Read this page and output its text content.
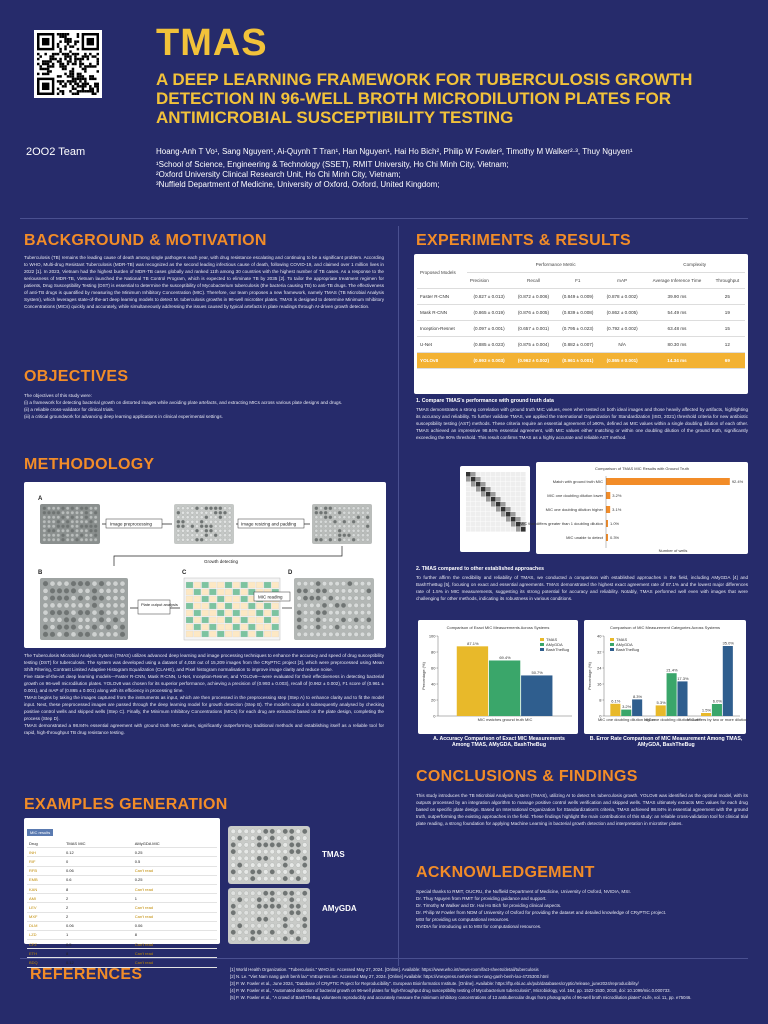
TMAS
A DEEP LEARNING FRAMEWORK FOR TUBERCULOSIS GROWTH DETECTION IN 96-WELL BROTH MICRODILUTION PLATES FOR ANTIMICROBIAL SUSCEPTIBILITY TESTING
2OO2 Team	Hoang-Anh T Vo¹, Sang Nguyen¹, Ai-Quynh T Tran¹, Han Nguyen¹, Hai Ho Bich², Philip W Fowler³, Timothy M Walker²·³, Thuy Nguyen¹
¹School of Science, Engineering & Technology (SSET), RMIT University, Ho Chi Minh City, Vietnam;
²Oxford University Clinical Research Unit, Ho Chi Minh City, Vietnam;
³Nuffield Department of Medicine, University of Oxford, Oxford, United Kingdom;
BACKGROUND & MOTIVATION
Tuberculosis (TB) remains the leading cause of death among single pathogens each year, with drug resistance escalating and continuing to be a significant problem. According to WHO, Multi-drug Resistant Tuberculosis (MDR-TB) was recognized as the second leading infectious cause of death, following COVID-19, and claimed over 1 million lives in 2022 [1]. In 2023, Vietnam had the highest burden of MDR-TB cases globally and ranked 11th among 30 countries with the highest number of TB cases. As a response to the seriousness of MDR-TB, Vietnam launched the National TB Control Program, which is expected to eliminate TB by 2035 [2]. To tailor the appropriate treatment regimen for patients, Drug Susceptibility Testing (DST) is essential to determine the susceptibility of Mycobacterium tuberculosis (the bacteria causing TB) to anti-TB drugs. The effectiveness of anti-TB drugs is quantified by measuring the Minimum Inhibitory Concentration (MIC). Therefore, our team proposes a new framework, namely TMAS (TB Microbial Analysis System), which leverages state-of-the-art deep learning models to detect M. tuberculosis growths in 96-well microtiter plates. TMAS is designed to determine Minimum Inhibitory Concentrations (MICs) quickly and accurately, while simultaneously addressing the issues caused by typical artefacts in plate readings through AI-driven growth detection.
OBJECTIVES
The objectives of this study were:
(i) a framework for detecting bacterial growth on distorted images while avoiding plate artefacts, and extracting MICs across various plate designs and drugs.
(ii) a reliable cross-validator for clinical trials.
(iii) a critical groundwork for advancing deep learning applications in clinical experimental settings.
METHODOLOGY
A
B	C	D
Image preprocessing	Image resizing and padding
Growth detecting
Plate output analysis
MIC reading
The Tuberculosis Microbial Analysis System (TMAS) utilizes advanced deep learning and image processing techniques to enhance the accuracy and speed of drug susceptibility testing (DST) for tuberculosis. The system was developed using a dataset of 4,018 out of 15,209 images from the CRyPTIC project [3], which were preprocessed using Mean Shift Filtering, Contrast Limited Adaptive Histogram Equalization (CLAHE), and Pixel histogram normalisation to improve image clarity and reduce noise.
Five state-of-the-art deep learning models—Faster R-CNN, Mask R-CNN, U-Net, Inception-Resnet, and YOLOv8—were evaluated for their effectiveness in detecting bacterial growth on 96-well microdilution plates. YOLOv8 was chosen for its superior performance, achieving a precision of (0.993 ± 0.003), recall of (0.962 ± 0.002), F1 score of (0.961 ± 0.001), and mAP of (0.865 ± 0.001) along with its efficiency in processing time.
TMAS begins by taking the images captured from the instruments as input, which are then processed in the preprocessing step (Step A) to enhance clarity and to fit the model input. Next, these preprocessed images are passed through the deep learning model for growth detection (Step B). The model's output is subsequently analysed by checking positive control wells and skipped wells (Step C). Finally, the Minimum Inhibitory Concentrations (MICs) for each drug are extracted based on the plate design, completing the process (Step D).
TMAS demonstrated a 98.84% essential agreement with ground truth MIC values, significantly outperforming traditional methods and establishing itself as a reliable tool for rapid, high-throughput TB drug resistance testing.
EXAMPLES GENERATION
MIC results
Drug	TMAS MIC	AMyGDA MIC
INH	0.12	0.25
RIF	0	0.5
RFB	0.06	Can't read
EMB	0.6	0.25
KAN	8	Can't read
AMI	2	1
LEV	2	Can't read
MXF	2	Can't read
DLM	0.06	0.06
LZD	1	8
CFZ	0.5	Can't read
ETH	8	Can't read
BDQ	0.12	Can't read
TMAS
AMyGDA
REFERENCES	[1] World Health Organization. "Tuberculosis." WHO.int. Accessed May 27, 2024. [Online]. Available: https://www.who.int/news-room/fact-sheets/detail/tuberculosis
[2] N. Le. "Viet Nam nang ganh benh lao" VnExpress.net. Accessed May 27, 2024. [Online] Available: https://vnexpress.net/viet-nam-nang-ganh-benh-lao-4725300.html
[3] P. W. Fowler et al., June 2024, "Database of CRyPTIC Project for Reproducibility". European Bioinformatics Institute. [Online]. Available: https://ftp.ebi.ac.uk/pub/databases/cryptic/release_june2024/reproducibility/
[4] P. W. Fowler et al., "Automated detection of bacterial growth on 96-well plates for high-throughput drug susceptibility testing of Mycobacterium tuberculosis", Microbiology, vol. 164, pp. 1522-1530, 2018, doi: 10.1099/mic.0.000733.
[5] P. W. Fowler et al., "A crowd of BashTheBug volunteers reproducibly and accurately measure the minimum inhibitory concentrations of 13 antitubercular drugs from photographs of 96-well broth microdilution plates" eLife, vol. 11, pp. e75046.
EXPERIMENTS & RESULTS
Proposed Models	Performance Metric				Complexity	
	Precision	Recall	F1	mAP	Average Inference Time	Throughput
Faster R-CNN	(0.827 ± 0.013)	(0.872 ± 0.006)	(0.849 ± 0.009)	(0.878 ± 0.002)	39.90 ms	25
Mask R-CNN	(0.865 ± 0.019)	(0.876 ± 0.005)	(0.839 ± 0.008)	(0.862 ± 0.005)	54.49 ms	19
Inception-Resnet	(0.097 ± 0.001)	(0.657 ± 0.001)	(0.795 ± 0.023)	(0.792 ± 0.002)	63.48 ms	15
U-Net	(0.885 ± 0.023)	(0.875 ± 0.004)	(0.882 ± 0.007)	N/A	80.30 ms	12
YOLOv8	(0.993 ± 0.003)	(0.962 ± 0.002)	(0.961 ± 0.001)	(0.865 ± 0.001)	14.34 ms	69
1. Compare TMAS's performance with ground truth data
TMAS demonstrates a strong correlation with ground truth MIC values, even when tested on both ideal images and those heavily affected by artifacts, highlighting its accuracy and reliability. To further validate TMAS, we applied the International Organization for Standardization (ISO, 2021) threshold criteria for new antibiotic susceptibility testing (AST) methods. These criteria require an essential agreement of ≥90%, defined as MIC values within a single doubling dilution of each other. TMAS achieved an impressive 98.84% essential agreement, with MIC values either matching or within one doubling dilution of the ground truth, significantly exceeding the 90% threshold. This result confirms TMAS as a highly accurate and reliable AST method.
Comparison of TMAS MIC Results with Ground Truth
Match with ground truth MIC	92.4%
MIC one doubling dilution lower 3.2%
MIC one doubling dilution higher 3.1%
MIC that differs greater than 1 doubling dilution 1.0%
MIC unable to detect 0.3%
Number of wells
2. TMAS compared to other established approaches
To further affirm the credibility and reliability of TMAS, we conducted a comparison with established approaches in the field, including AMyGDA [4] and BashTheBug [5], focusing on exact and essential agreements. TMAS demonstrated the highest exact agreement rate of 87.1% and the lowest major differences rate of 1.5% in MIC measurements, suggesting its strong potential for accuracy and reliability. Notably, TMAS performed well even with images that were challenging for other methods, indicating its robustness in various conditions.
Comparison of Exact MIC Measurements Across Systems
0
20
40
60
80
100
Percentage (%)
87.1%
69.4%
50.7%
MIC matches ground truth MIC
TMAS
AMyGDA
BashTheBug
Comparison of MIC Measurement Categories Across Systems
0
8
16
24
32
40
Percentage (%)
6.1%
3.2%
8.3%
MIC one doubling dilution higher
5.3%
21.4%
17.3%
MIC one doubling dilution lower
1.5%
6.0%
35.0%
MIC differs by two or more dilution
TMAS
AMyGDA
BashTheBug
A. Accuracy Comparison of Exact MIC Measurements Among TMAS, AMyGDA, BashTheBug
B. Error Rate Comparison of MIC Measurement Among TMAS, AMyGDA, BashTheBug
CONCLUSIONS & FINDINGS
This study introduces the TB Microbial Analysis System (TMAS), utilizing AI to detect M. tuberculosis growth. YOLOv8 was identified as the optimal model, with its outputs processed by an integration algorithm to manage positive control wells verification and skipped wells. TMAS ultimately extracts MIC values for each drug based on specific plate design. Based on International Organization for Standardization's criteria, TMAS achieved 98.84% in essential agreement with the ground truth, outperforming the existing approaches in the field. These findings highlight the main contributions of this study: an reliable cross-validation tool for clinical trial plate reading, a strong foundation for applying Machine Learning in bacterial growth detection and interpretation in microtiter plates.
ACKNOWLEDGEMENT
Special thanks to RMIT, OUCRU, the Nuffield Department of Medicine, University of Oxford, NVIDIA, MSI.
Dr. Thuy Nguyen from RMIT for providing guidance and support.
Dr. Timothy M Walker and Dr. Hai Ho Bich for providing clinical aspects.
Dr. Philip W Fowler from NDM of University of Oxford for providing the dataset and detailed knowledge of CRyPTIC project.
MSI for providing us computational resources.
NVIDIA for introducing us to MSI for computational resources.
